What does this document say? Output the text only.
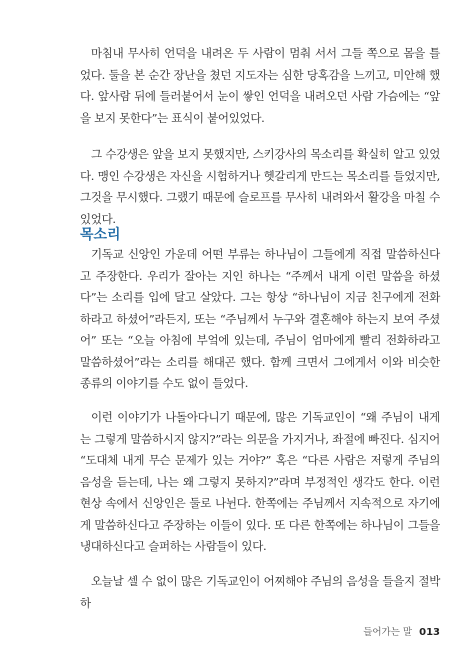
마침내 무사히 언덕을 내려온 두 사람이 멈춰 서서 그들 쪽으로 몸을 틀었다. 둘을 본 순간 장난을 쳤던 지도자는 심한 당혹감을 느끼고, 미안해 했다. 앞사람 뒤에 들러붙어서 눈이 쌓인 언덕을 내려오던 사람 가슴에는 “앞을 보지 못한다”는 표식이 붙어있었다.

그 수강생은 앞을 보지 못했지만, 스키강사의 목소리를 확실히 알고 있었다. 맹인 수강생은 자신을 시험하거나 헷갈리게 만드는 목소리를 들었지만, 그것을 무시했다. 그랬기 때문에 슬로프를 무사히 내려와서 활강을 마칠 수 있었다.

목소리

기독교 신앙인 가운데 어떤 부류는 하나님이 그들에게 직접 말씀하신다고 주장한다. 우리가 잘아는 지인 하나는 “주께서 내게 이런 말씀을 하셨다”는 소리를 입에 달고 살았다. 그는 항상 “하나님이 지금 친구에게 전화하라고 하셨어”라든지, 또는 “주님께서 누구와 결혼해야 하는지 보여 주셨어” 또는 “오늘 아침에 부엌에 있는데, 주님이 엄마에게 빨리 전화하라고 말씀하셨어”라는 소리를 해대곤 했다. 함께 크면서 그에게서 이와 비슷한 종류의 이야기를 수도 없이 들었다.

이런 이야기가 나돌아다니기 때문에, 많은 기독교인이 “왜 주님이 내게는 그렇게 말씀하시지 않지?”라는 의문을 가지거나, 좌절에 빠진다. 심지어 “도대체 내게 무슨 문제가 있는 거야?” 혹은 “다른 사람은 저렇게 주님의 음성을 듣는데, 나는 왜 그렇지 못하지?”라며 부정적인 생각도 한다. 이런 현상 속에서 신앙인은 둘로 나뉜다. 한쪽에는 주님께서 지속적으로 자기에게 말씀하신다고 주장하는 이들이 있다. 또 다른 한쪽에는 하나님이 그들을 냉대하신다고 슬퍼하는 사람들이 있다.

오늘날 셀 수 없이 많은 기독교인이 어찌해야 주님의 음성을 들을지 절박하

들어가는 말 013
